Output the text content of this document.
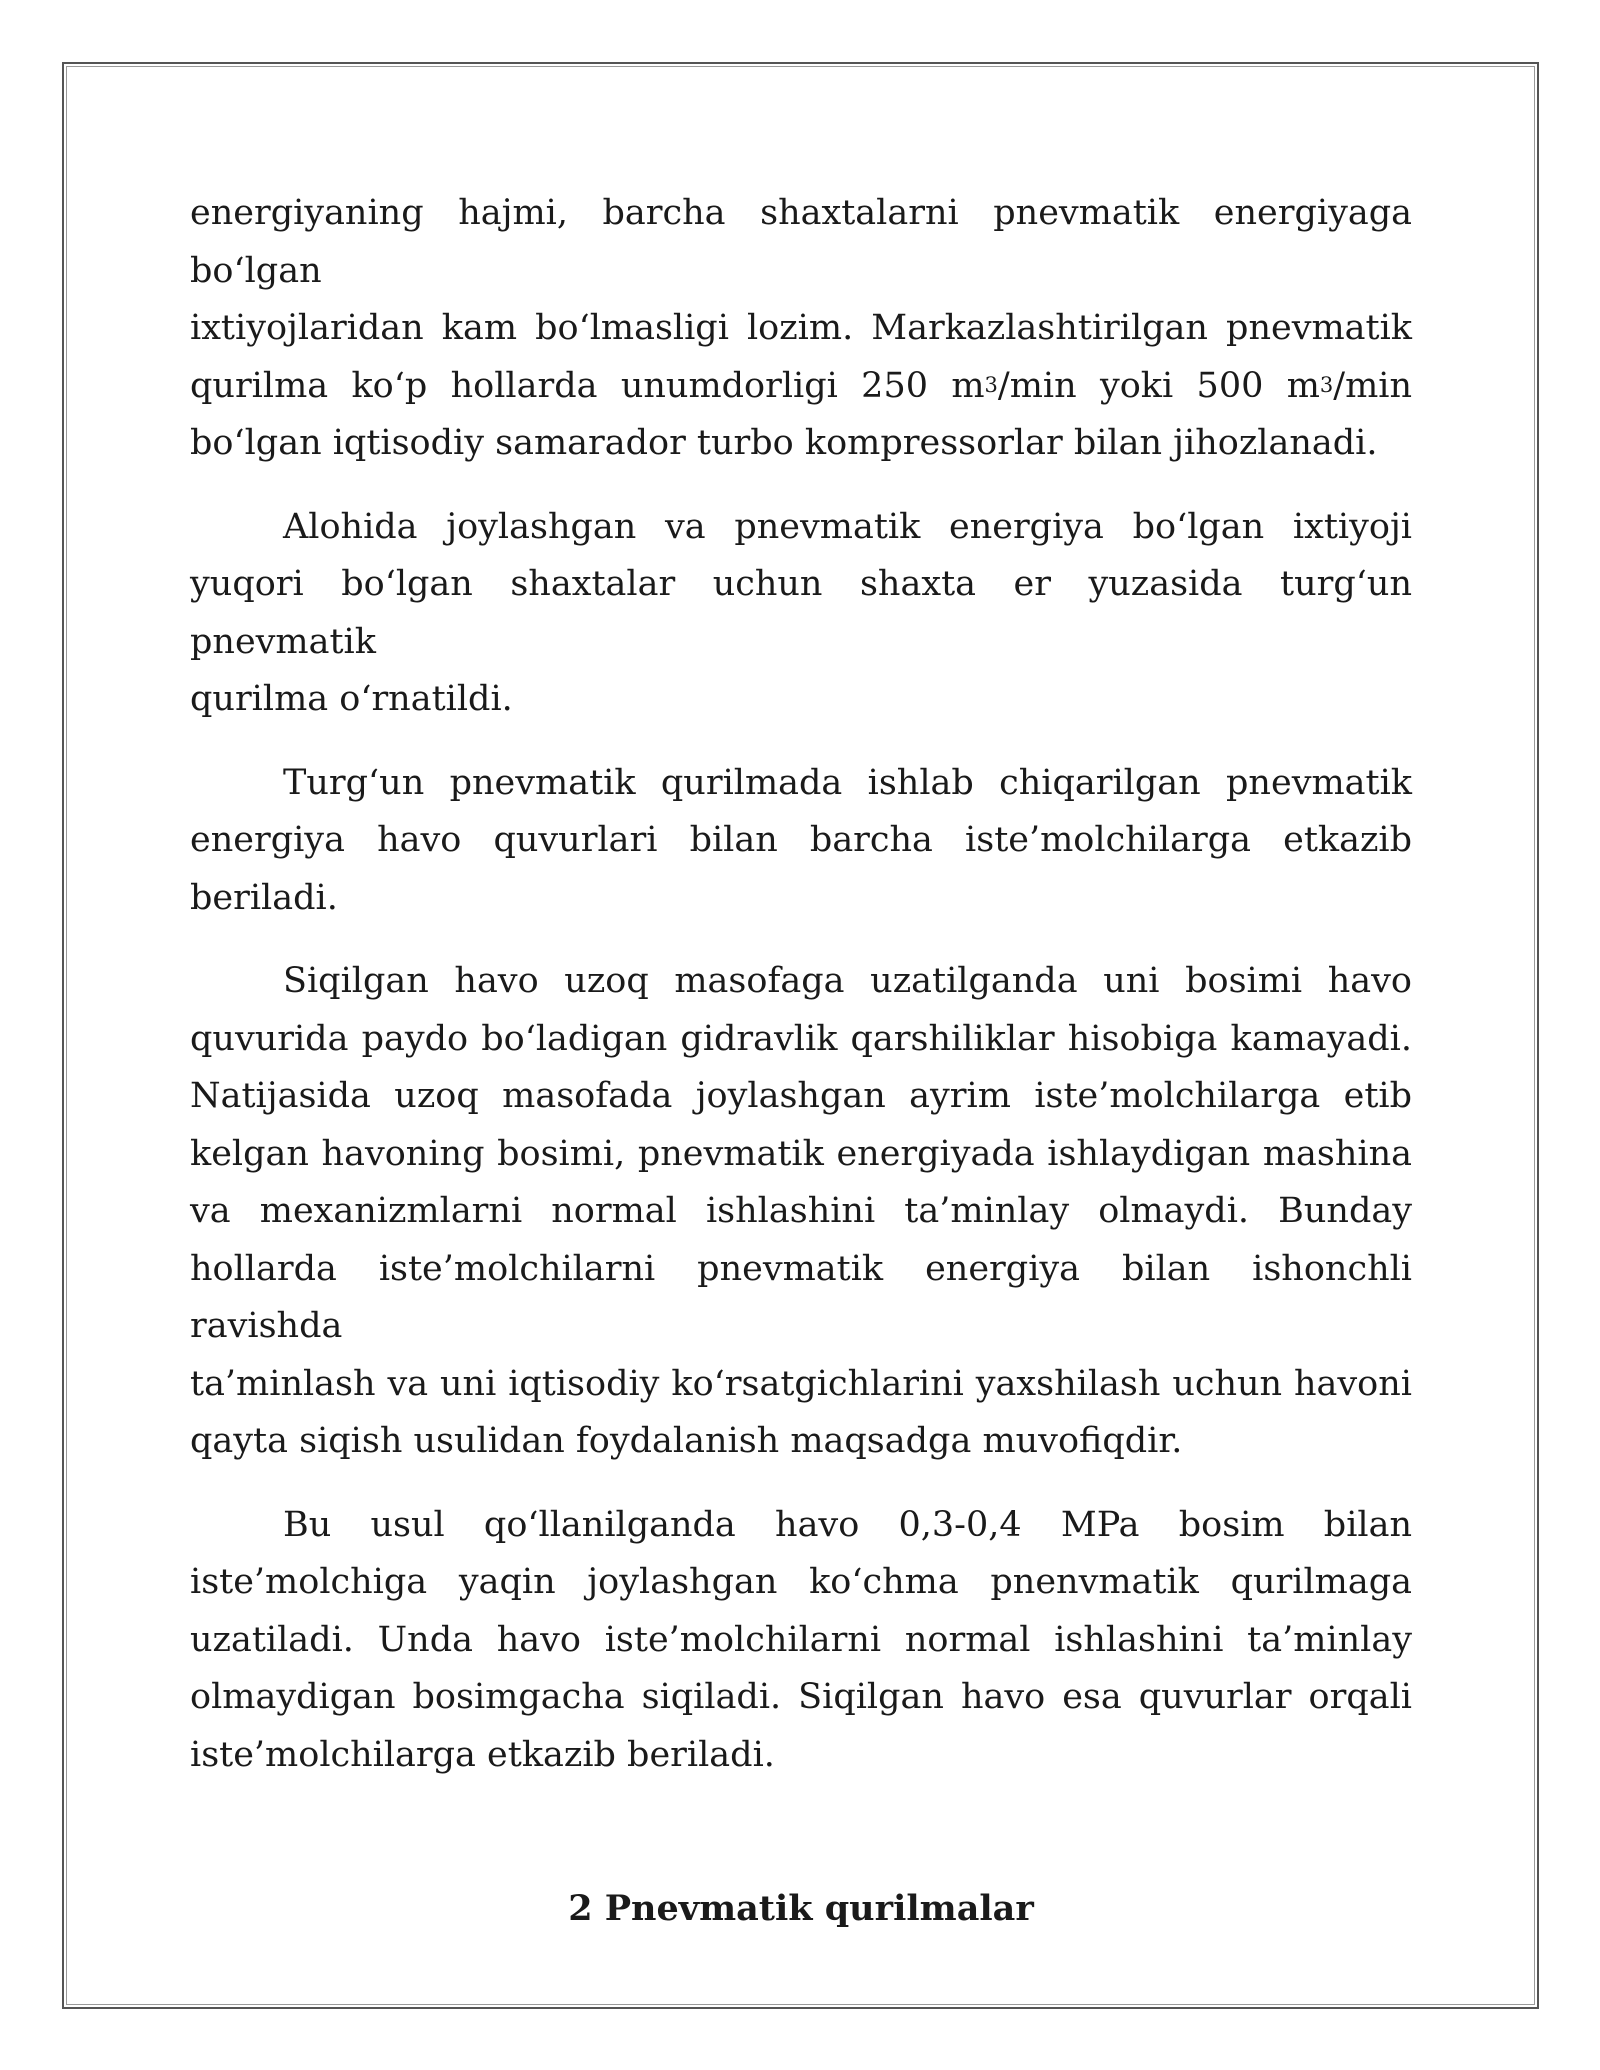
energiyaning hajmi, barcha shaxtalarni pnevmatik energiyaga bo‘lgan
ixtiyojlaridan kam bo‘lmasligi lozim. Markazlashtirilgan pnevmatik
qurilma ko‘p hollarda unumdorligi 250 $m^3/\min$ yoki 500 $m^3/\min$
bo‘lgan iqtisodiy samarador turbo kompressorlar bilan jihozlanadi.

Alohida joylashgan va pnevmatik energiya bo‘lgan ixtiyoji
yuqori bo‘lgan shaxtalar uchun shaxta er yuzasida turg‘un pnevmatik
qurilma o‘rnatildi.

Turg‘un pnevmatik qurilmada ishlab chiqarilgan pnevmatik
energiya havo quvurlari bilan barcha iste’molchilarga etkazib
beriladi.

Siqilgan havo uzoq masofaga uzatilganda uni bosimi havo
quvurida paydo bo‘ladigan gidravlik qarshiliklar hisobiga kamayadi.
Natijasida uzoq masofada joylashgan ayrim iste’molchilarga etib
kelgan havoning bosimi, pnevmatik energiyada ishlaydigan mashina
va mexanizmlarni normal ishlashini ta’minlay olmaydi. Bunday
hollarda iste’molchilarni pnevmatik energiya bilan ishonchli ravishda
ta’minlash va uni iqtisodiy ko‘rsatgichlarini yaxshilash uchun havoni
qayta siqish usulidan foydalanish maqsadga muvofiqdir.

Bu usul qo‘llanilganda havo 0,3-0,4 MPa bosim bilan
iste’molchiga yaqin joylashgan ko‘chma pnenvmatik qurilmaga
uzatiladi. Unda havo iste’molchilarni normal ishlashini ta’minlay
olmaydigan bosimgacha siqiladi. Siqilgan havo esa quvurlar orqali
iste’molchilarga etkazib beriladi.

2 Pnevmatik qurilmalar
